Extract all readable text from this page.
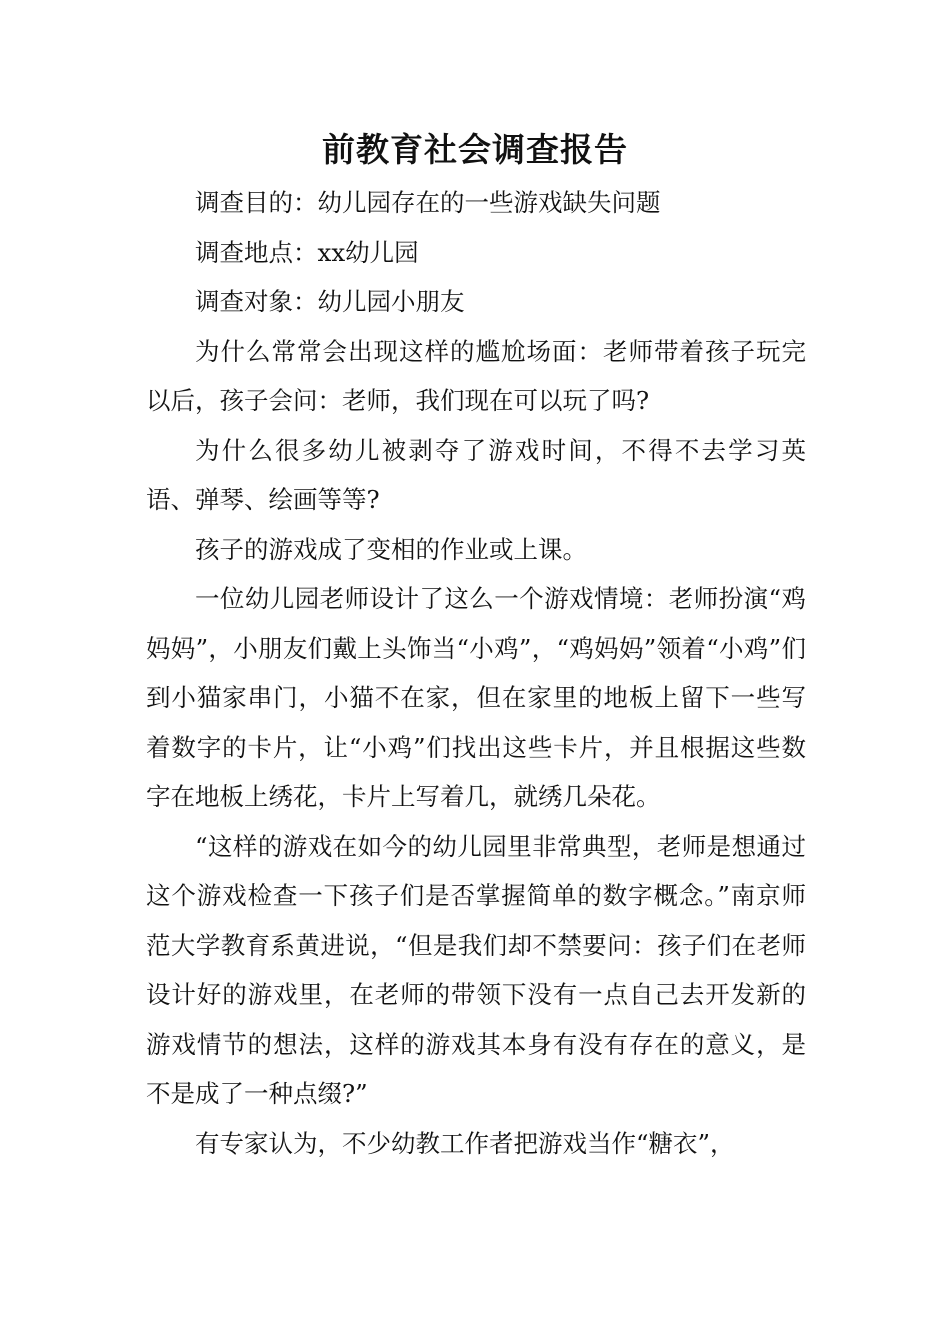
前教育社会调查报告

调查目的：幼儿园存在的一些游戏缺失问题

调查地点：xx幼儿园

调查对象：幼儿园小朋友

为什么常常会出现这样的尴尬场面：老师带着孩子玩完以后，孩子会问：老师，我们现在可以玩了吗?

为什么很多幼儿被剥夺了游戏时间，不得不去学习英语、弹琴、绘画等等?

孩子的游戏成了变相的作业或上课。

一位幼儿园老师设计了这么一个游戏情境：老师扮演“鸡妈妈”，小朋友们戴上头饰当“小鸡”，“鸡妈妈”领着“小鸡”们到小猫家串门，小猫不在家，但在家里的地板上留下一些写着数字的卡片，让“小鸡”们找出这些卡片，并且根据这些数字在地板上绣花，卡片上写着几，就绣几朵花。

“这样的游戏在如今的幼儿园里非常典型，老师是想通过这个游戏检查一下孩子们是否掌握简单的数字概念。”南京师范大学教育系黄进说，“但是我们却不禁要问：孩子们在老师设计好的游戏里，在老师的带领下没有一点自己去开发新的游戏情节的想法，这样的游戏其本身有没有存在的意义，是不是成了一种点缀?”

有专家认为，不少幼教工作者把游戏当作“糖衣”，
